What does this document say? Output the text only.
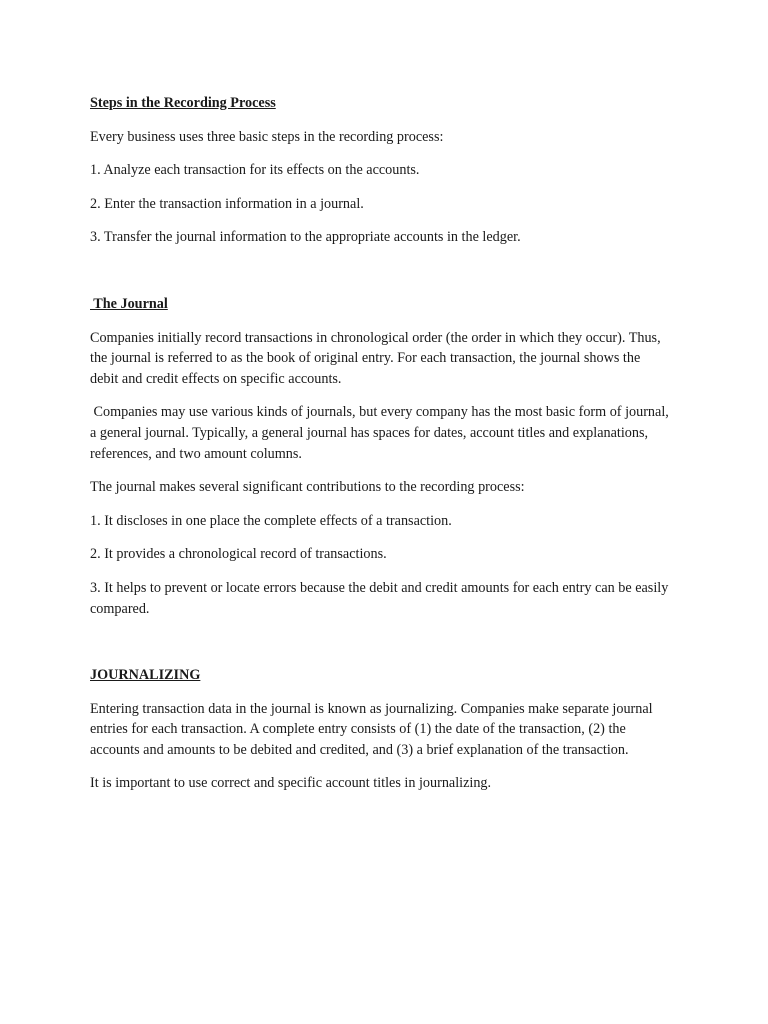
Steps in the Recording Process
Every business uses three basic steps in the recording process:
1. Analyze each transaction for its effects on the accounts.
2. Enter the transaction information in a journal.
3. Transfer the journal information to the appropriate accounts in the ledger.
The Journal
Companies initially record transactions in chronological order (the order in which they occur). Thus, the journal is referred to as the book of original entry. For each transaction, the journal shows the debit and credit effects on specific accounts.
Companies may use various kinds of journals, but every company has the most basic form of journal, a general journal. Typically, a general journal has spaces for dates, account titles and explanations, references, and two amount columns.
The journal makes several significant contributions to the recording process:
1. It discloses in one place the complete effects of a transaction.
2. It provides a chronological record of transactions.
3. It helps to prevent or locate errors because the debit and credit amounts for each entry can be easily compared.
JOURNALIZING
Entering transaction data in the journal is known as journalizing. Companies make separate journal entries for each transaction. A complete entry consists of (1) the date of the transaction, (2) the accounts and amounts to be debited and credited, and (3) a brief explanation of the transaction.
It is important to use correct and specific account titles in journalizing.
